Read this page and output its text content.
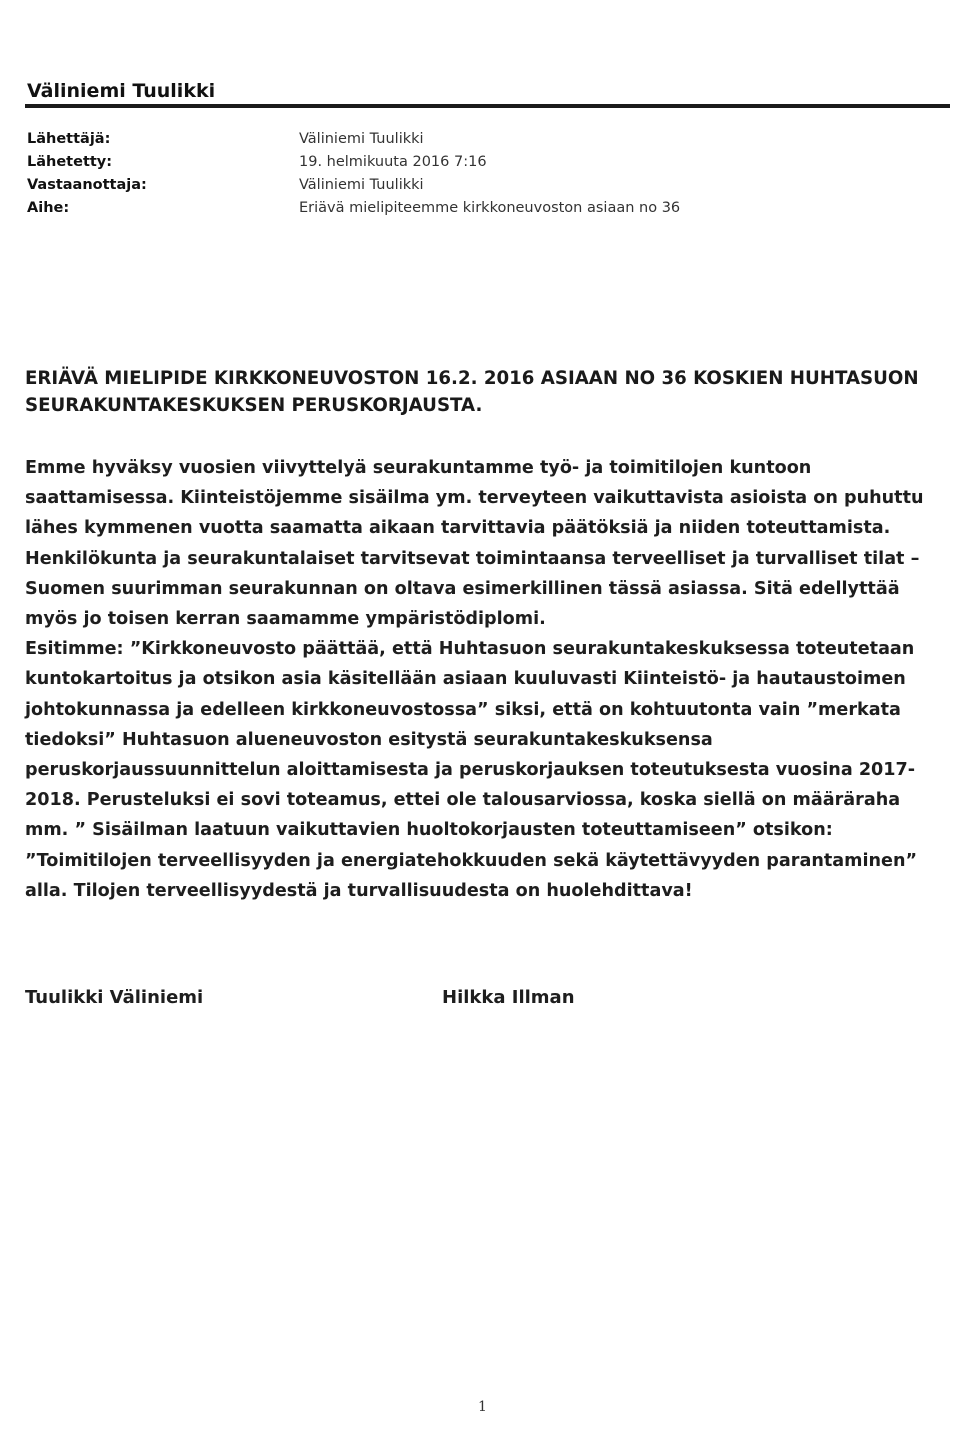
Väliniemi Tuulikki
Lähettäjä:	Väliniemi Tuulikki
Lähetetty:	19. helmikuuta 2016 7:16
Vastaanottaja:	Väliniemi Tuulikki
Aihe:	Eriävä mielipiteemme kirkkoneuvoston asiaan no 36
ERIÄVÄ MIELIPIDE KIRKKONEUVOSTON 16.2. 2016 ASIAAN NO 36 KOSKIEN HUHTASUON
SEURAKUNTAKESKUKSEN PERUSKORJAUSTA.
Emme hyväksy vuosien viivyttelyä seurakuntamme työ- ja toimitilojen kuntoon
saattamisessa. Kiinteistöjemme sisäilma ym. terveyteen vaikuttavista asioista on puhuttu
lähes kymmenen vuotta saamatta aikaan tarvittavia päätöksiä ja niiden toteuttamista.
Henkilökunta ja seurakuntalaiset tarvitsevat toimintaansa terveelliset ja turvalliset tilat –
Suomen suurimman seurakunnan on oltava esimerkillinen tässä asiassa. Sitä edellyttää
myös jo toisen kerran saamamme ympäristödiplomi.
Esitimme: ”Kirkkoneuvosto päättää, että Huhtasuon seurakuntakeskuksessa toteutetaan
kuntokartoitus ja otsikon asia käsitellään asiaan kuuluvasti Kiinteistö- ja hautaustoimen
johtokunnassa ja edelleen kirkkoneuvostossa” siksi, että on kohtuutonta vain ”merkata
tiedoksi” Huhtasuon alueneuvoston esitystä seurakuntakeskuksensa
peruskorjaussuunnittelun aloittamisesta ja peruskorjauksen toteutuksesta vuosina 2017-
2018. Perusteluksi ei sovi toteamus, ettei ole talousarviossa, koska siellä on määräraha
mm. ” Sisäilman laatuun vaikuttavien huoltokorjausten toteuttamiseen” otsikon:
”Toimitilojen terveellisyyden ja energiatehokkuuden sekä käytettävyyden parantaminen”
alla. Tilojen terveellisyydestä ja turvallisuudesta on huolehdittava!
Tuulikki Väliniemi	Hilkka Illman
1
